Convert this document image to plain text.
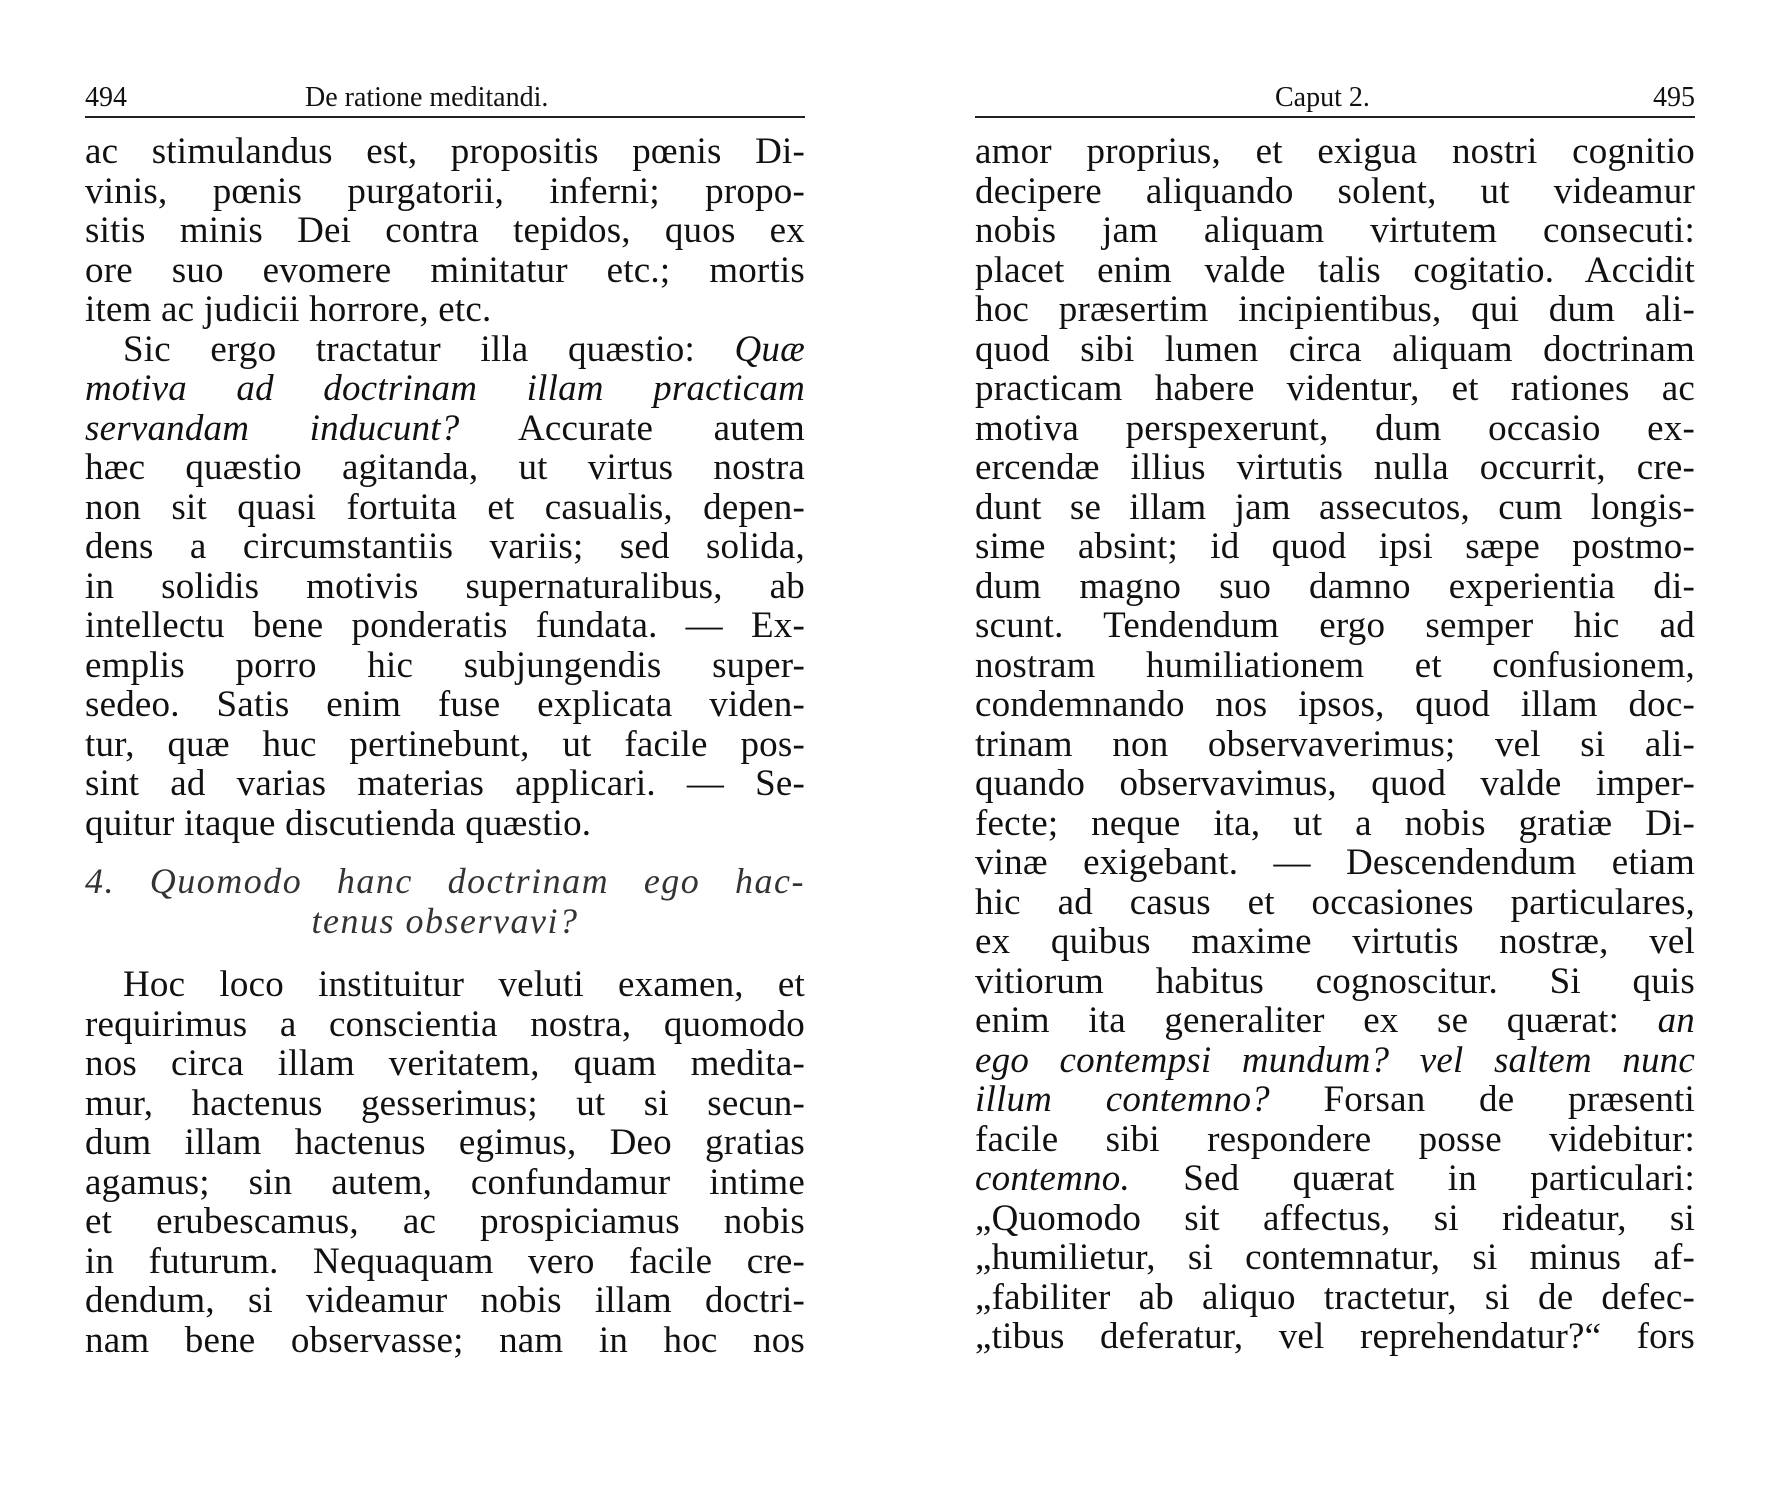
494	De ratione meditandi.
ac stimulandus est, propositis pœnis Di-
vinis, pœnis purgatorii, inferni; propo-
sitis minis Dei contra tepidos, quos ex
ore suo evomere minitatur etc.; mortis
item ac judicii horrore, etc.
Sic ergo tractatur illa quæstio: Quæ
motiva ad doctrinam illam practicam
servandam inducunt? Accurate autem
hæc quæstio agitanda, ut virtus nostra
non sit quasi fortuita et casualis, depen-
dens a circumstantiis variis; sed solida,
in solidis motivis supernaturalibus, ab
intellectu bene ponderatis fundata. — Ex-
emplis porro hic subjungendis super-
sedeo. Satis enim fuse explicata viden-
tur, quæ huc pertinebunt, ut facile pos-
sint ad varias materias applicari. — Se-
quitur itaque discutienda quæstio.
4. Quomodo hanc doctrinam ego hac-
tenus observavi?
Hoc loco instituitur veluti examen, et
requirimus a conscientia nostra, quomodo
nos circa illam veritatem, quam medita-
mur, hactenus gesserimus; ut si secun-
dum illam hactenus egimus, Deo gratias
agamus; sin autem, confundamur intime
et erubescamus, ac prospiciamus nobis
in futurum. Nequaquam vero facile cre-
dendum, si videamur nobis illam doctri-
nam bene observasse; nam in hoc nos
Caput 2.	495
amor proprius, et exigua nostri cognitio
decipere aliquando solent, ut videamur
nobis jam aliquam virtutem consecuti:
placet enim valde talis cogitatio. Accidit
hoc præsertim incipientibus, qui dum ali-
quod sibi lumen circa aliquam doctrinam
practicam habere videntur, et rationes ac
motiva perspexerunt, dum occasio ex-
ercendæ illius virtutis nulla occurrit, cre-
dunt se illam jam assecutos, cum longis-
sime absint; id quod ipsi sæpe postmo-
dum magno suo damno experientia di-
scunt. Tendendum ergo semper hic ad
nostram humiliationem et confusionem,
condemnando nos ipsos, quod illam doc-
trinam non observaverimus; vel si ali-
quando observavimus, quod valde imper-
fecte; neque ita, ut a nobis gratiæ Di-
vinæ exigebant. — Descendendum etiam
hic ad casus et occasiones particulares,
ex quibus maxime virtutis nostræ, vel
vitiorum habitus cognoscitur. Si quis
enim ita generaliter ex se quærat: an
ego contempsi mundum? vel saltem nunc
illum contemno? Forsan de præsenti
facile sibi respondere posse videbitur:
contemno. Sed quærat in particulari:
„Quomodo sit affectus, si rideatur, si
„humilietur, si contemnatur, si minus af-
„fabiliter ab aliquo tractetur, si de defec-
„tibus deferatur, vel reprehendatur?“ fors
